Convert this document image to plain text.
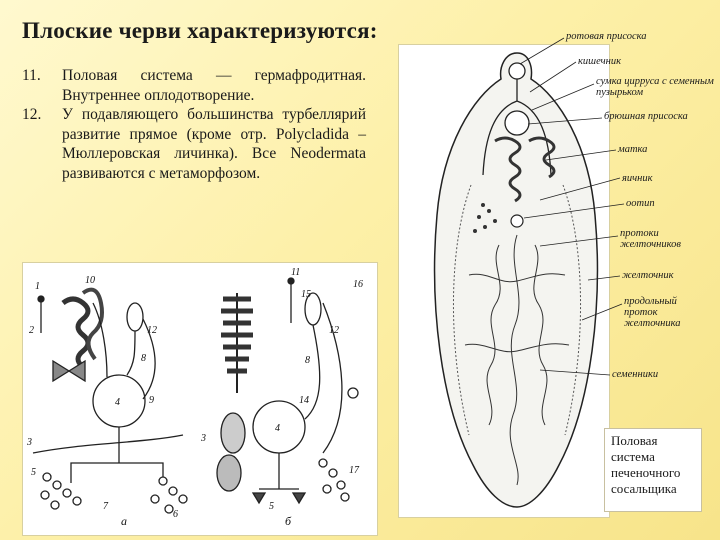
Плоские черви характеризуются:
11.	Половая система — гермафродитная. Внутреннее оплодотворение.
12.	У подавляющего большинства турбеллярий развитие прямое (кроме отр. Polycladida – Мюллеровская личинка). Все Neodermata развиваются с метаморфозом.
1
10
2	12
8
4	9
3
5
7
6
11
15
16
12
8
14
4
3
5
17
а	б
ротовая присоска
кишечник
сумка цирруса с семенным пузырьком
брюшная присоска
матка
яичник
оотип
протоки желточников
желточник
продольный проток желточника
семенники
Половая система печеночного сосальщика
